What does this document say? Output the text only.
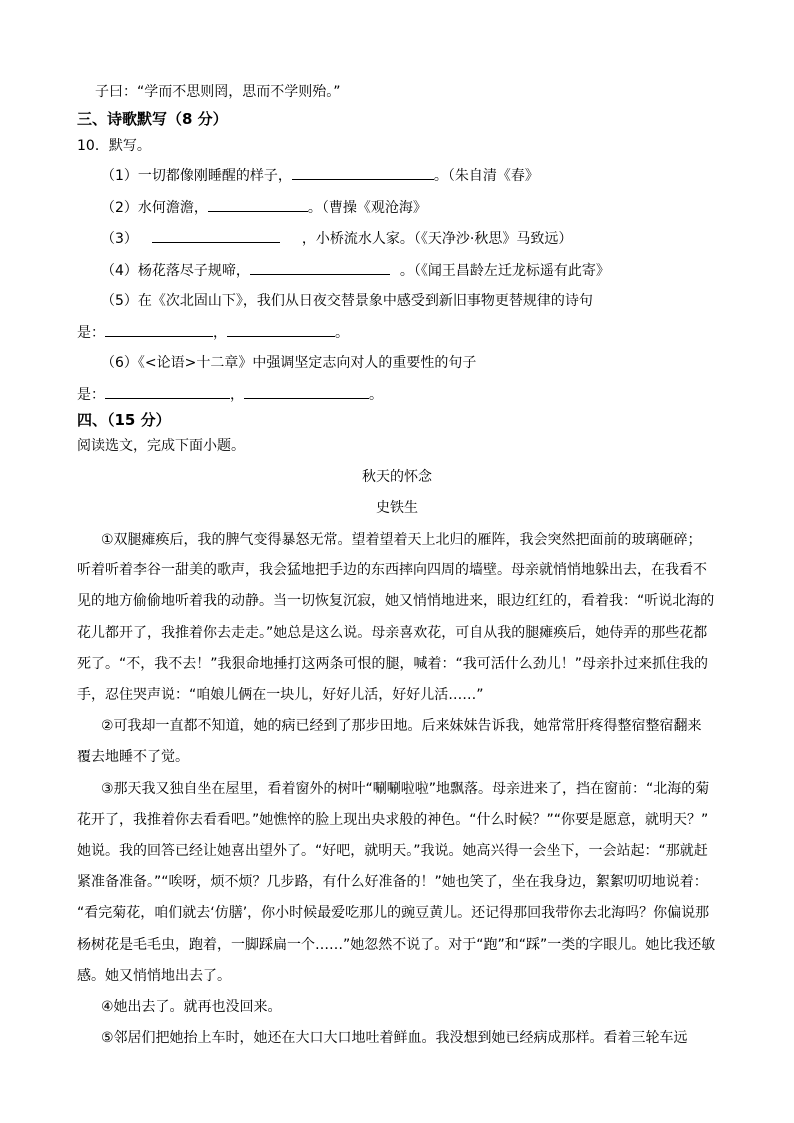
子曰：“学而不思则罔，思而不学则殆。”
三、诗歌默写（8 分）
10．默写。
（1）一切都像刚睡醒的样子，	。（朱自清《春》
（2）水何澹澹，	。（曹操《观沧海》
（3）	，小桥流水人家。（《天净沙·秋思》马致远）
（4）杨花落尽子规啼，	。（《闻王昌龄左迁龙标遥有此寄》
（5）在《次北固山下》，我们从日夜交替景象中感受到新旧事物更替规律的诗句
是：	，	。
（6）《<论语>十二章》中强调坚定志向对人的重要性的句子
是：	，	。
四、（15 分）
阅读选文，完成下面小题。
秋天的怀念
史铁生
①双腿瘫痪后，我的脾气变得暴怒无常。望着望着天上北归的雁阵，我会突然把面前的玻璃砸碎；
听着听着李谷一甜美的歌声，我会猛地把手边的东西摔向四周的墙壁。母亲就悄悄地躲出去，在我看不
见的地方偷偷地听着我的动静。当一切恢复沉寂，她又悄悄地进来，眼边红红的，看着我：“听说北海的
花儿都开了，我推着你去走走。”她总是这么说。母亲喜欢花，可自从我的腿瘫痪后，她侍弄的那些花都
死了。“不，我不去！”我狠命地捶打这两条可恨的腿，喊着：“我可活什么劲儿！”母亲扑过来抓住我的
手，忍住哭声说：“咱娘儿俩在一块儿，好好儿活，好好儿活……”
②可我却一直都不知道，她的病已经到了那步田地。后来妹妹告诉我，她常常肝疼得整宿整宿翻来
覆去地睡不了觉。
③那天我又独自坐在屋里，看着窗外的树叶“唰唰啦啦”地飘落。母亲进来了，挡在窗前：“北海的菊
花开了，我推着你去看看吧。”她憔悴的脸上现出央求般的神色。“什么时候？”“你要是愿意，就明天？”
她说。我的回答已经让她喜出望外了。“好吧，就明天。”我说。她高兴得一会坐下，一会站起：“那就赶
紧准备准备。”“唉呀，烦不烦？几步路，有什么好准备的！”她也笑了，坐在我身边，絮絮叨叨地说着：
“看完菊花，咱们就去‘仿膳’，你小时候最爱吃那儿的豌豆黄儿。还记得那回我带你去北海吗？你偏说那
杨树花是毛毛虫，跑着，一脚踩扁一个……”她忽然不说了。对于“跑”和“踩”一类的字眼儿。她比我还敏
感。她又悄悄地出去了。
④她出去了。就再也没回来。
⑤邻居们把她抬上车时，她还在大口大口地吐着鲜血。我没想到她已经病成那样。看着三轮车远
